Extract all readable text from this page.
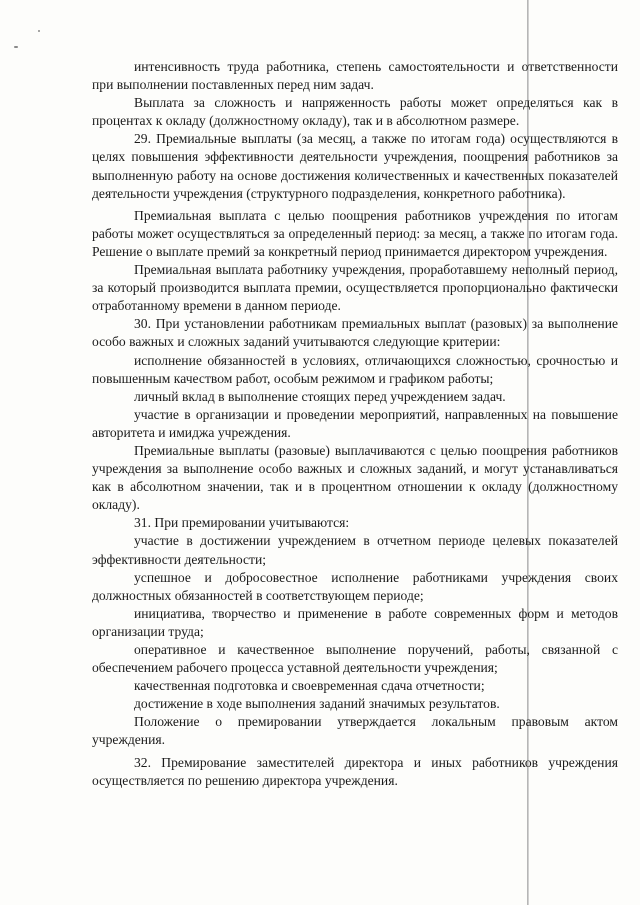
интенсивность труда работника, степень самостоятельности и ответственности при выполнении поставленных перед ним задач.

Выплата за сложность и напряженность работы может определяться как в процентах к окладу (должностному окладу), так и в абсолютном размере.

29. Премиальные выплаты (за месяц, а также по итогам года) осуществляются в целях повышения эффективности деятельности учреждения, поощрения работников за выполненную работу на основе достижения количественных и качественных показателей деятельности учреждения (структурного подразделения, конкретного работника).

Премиальная выплата с целью поощрения работников учреждения по итогам работы может осуществляться за определенный период: за месяц, а также по итогам года. Решение о выплате премий за конкретный период принимается директором учреждения.

Премиальная выплата работнику учреждения, проработавшему неполный период, за который производится выплата премии, осуществляется пропорционально фактически отработанному времени в данном периоде.

30. При установлении работникам премиальных выплат (разовых) за выполнение особо важных и сложных заданий учитываются следующие критерии:

исполнение обязанностей в условиях, отличающихся сложностью, срочностью и повышенным качеством работ, особым режимом и графиком работы;

личный вклад в выполнение стоящих перед учреждением задач.

участие в организации и проведении мероприятий, направленных на повышение авторитета и имиджа учреждения.

Премиальные выплаты (разовые) выплачиваются с целью поощрения работников учреждения за выполнение особо важных и сложных заданий, и могут устанавливаться как в абсолютном значении, так и в процентном отношении к окладу (должностному окладу).

31. При премировании учитываются:

участие в достижении учреждением в отчетном периоде целевых показателей эффективности деятельности;

успешное и добросовестное исполнение работниками учреждения своих должностных обязанностей в соответствующем периоде;

инициатива, творчество и применение в работе современных форм и методов организации труда;

оперативное и качественное выполнение поручений, работы, связанной с обеспечением рабочего процесса уставной деятельности учреждения;

качественная подготовка и своевременная сдача отчетности;

достижение в ходе выполнения заданий значимых результатов.

Положение о премировании утверждается локальным правовым актом учреждения.

32. Премирование заместителей директора и иных работников учреждения осуществляется по решению директора учреждения.
